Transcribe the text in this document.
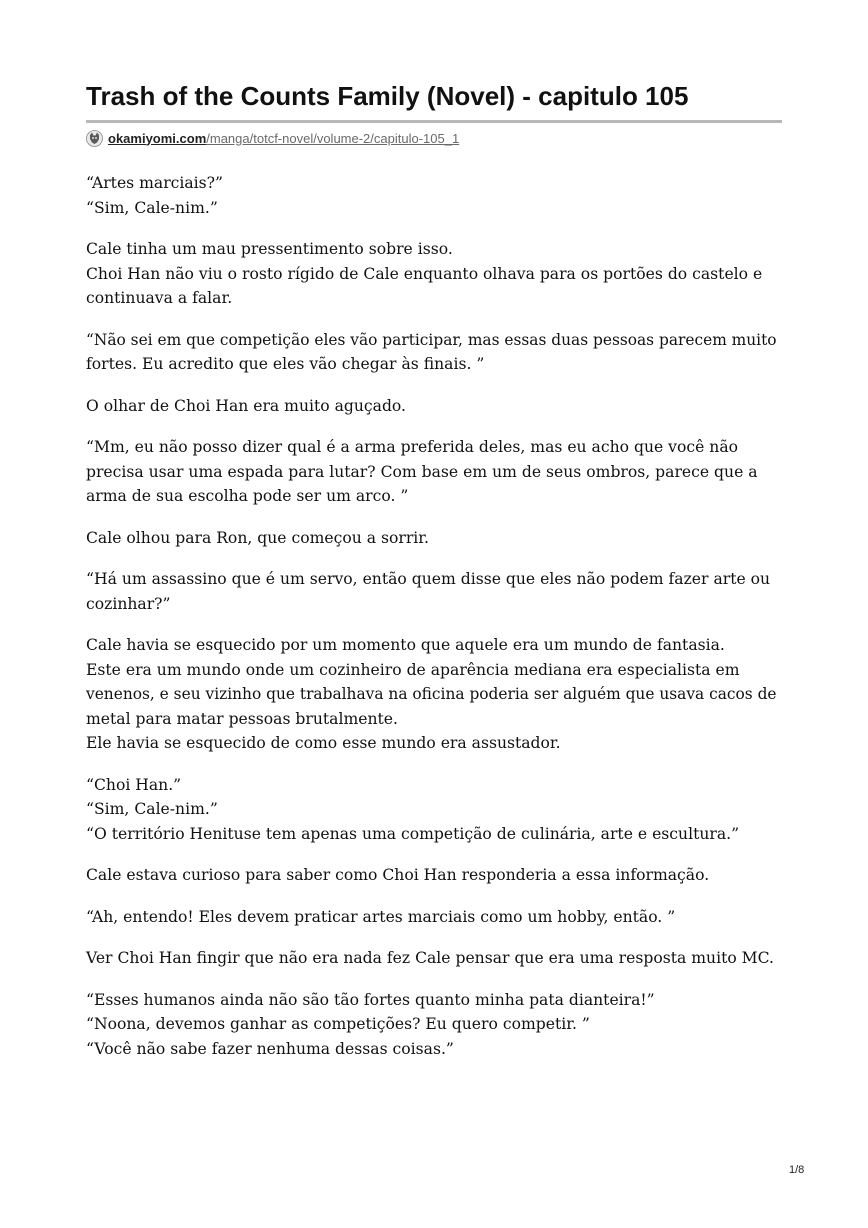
Trash of the Counts Family (Novel) - capitulo 105
okamiyomi.com /manga/totcf-novel/volume-2/capitulo-105_1

“Artes marciais?”
“Sim, Cale-nim.”

Cale tinha um mau pressentimento sobre isso.
Choi Han não viu o rosto rígido de Cale enquanto olhava para os portões do castelo e
continuava a falar.

“Não sei em que competição eles vão participar, mas essas duas pessoas parecem muito
fortes. Eu acredito que eles vão chegar às finais. ”

O olhar de Choi Han era muito aguçado.

“Mm, eu não posso dizer qual é a arma preferida deles, mas eu acho que você não
precisa usar uma espada para lutar? Com base em um de seus ombros, parece que a
arma de sua escolha pode ser um arco. ”

Cale olhou para Ron, que começou a sorrir.

“Há um assassino que é um servo, então quem disse que eles não podem fazer arte ou
cozinhar?”

Cale havia se esquecido por um momento que aquele era um mundo de fantasia.
Este era um mundo onde um cozinheiro de aparência mediana era especialista em
venenos, e seu vizinho que trabalhava na oficina poderia ser alguém que usava cacos de
metal para matar pessoas brutalmente.
Ele havia se esquecido de como esse mundo era assustador.

“Choi Han.”
“Sim, Cale-nim.”
“O território Henituse tem apenas uma competição de culinária, arte e escultura.”

Cale estava curioso para saber como Choi Han responderia a essa informação.

“Ah, entendo! Eles devem praticar artes marciais como um hobby, então. ”

Ver Choi Han fingir que não era nada fez Cale pensar que era uma resposta muito MC.

“Esses humanos ainda não são tão fortes quanto minha pata dianteira!”
“Noona, devemos ganhar as competições? Eu quero competir. ”
“Você não sabe fazer nenhuma dessas coisas.”

1/8
